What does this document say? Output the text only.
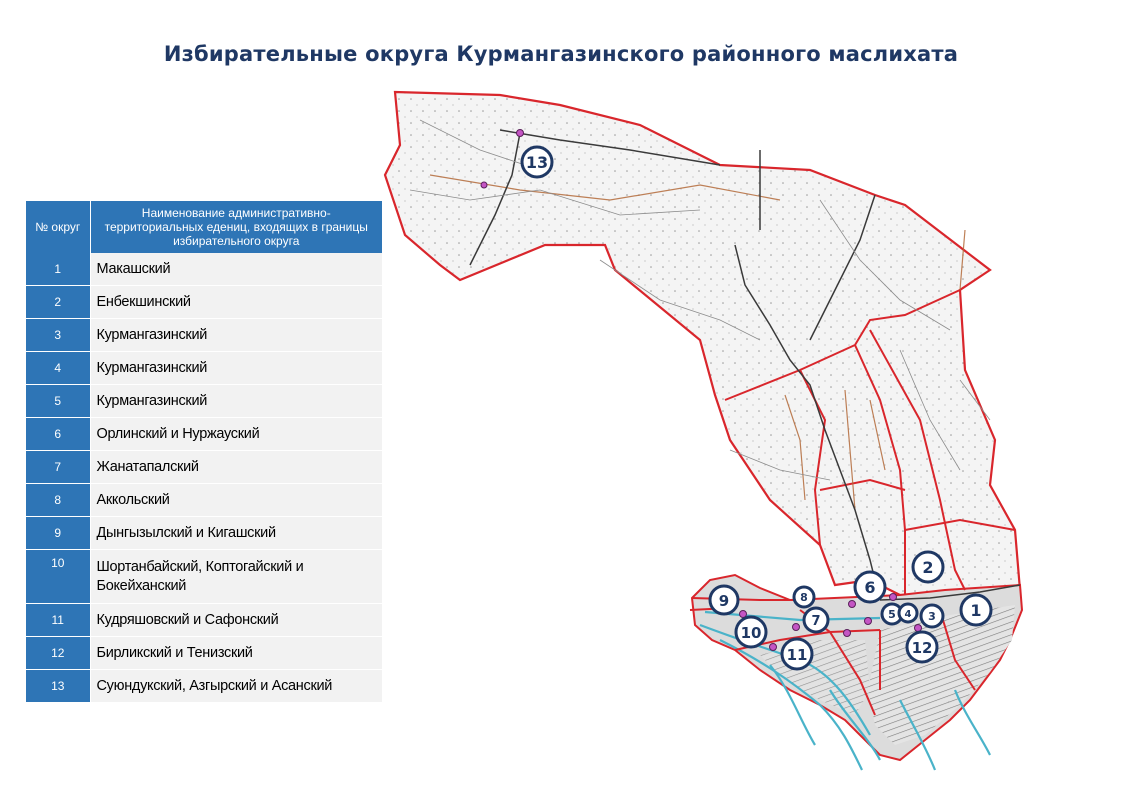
Избирательные округа Курмангазинского районного маслихата
№ округ	Наименование административно-территориальных едениц, входящих в границы избирательного округа
1	Макашский
2	Енбекшинский
3	Курмангазинский
4	Курмангазинский
5	Курмангазинский
6	Орлинский и Нуржауский
7	Жанатапалский
8	Аккольский
9	Дынгызылский и Кигашский
10	Шортанбайский, Коптогайский и Бокейханский
11	Кудряшовский и Сафонский
12	Бирликский и Тенизский
13	Суюндукский, Азгырский и Асанский
13
2
6
1
9	8
7	5 4 3
10
12
11
